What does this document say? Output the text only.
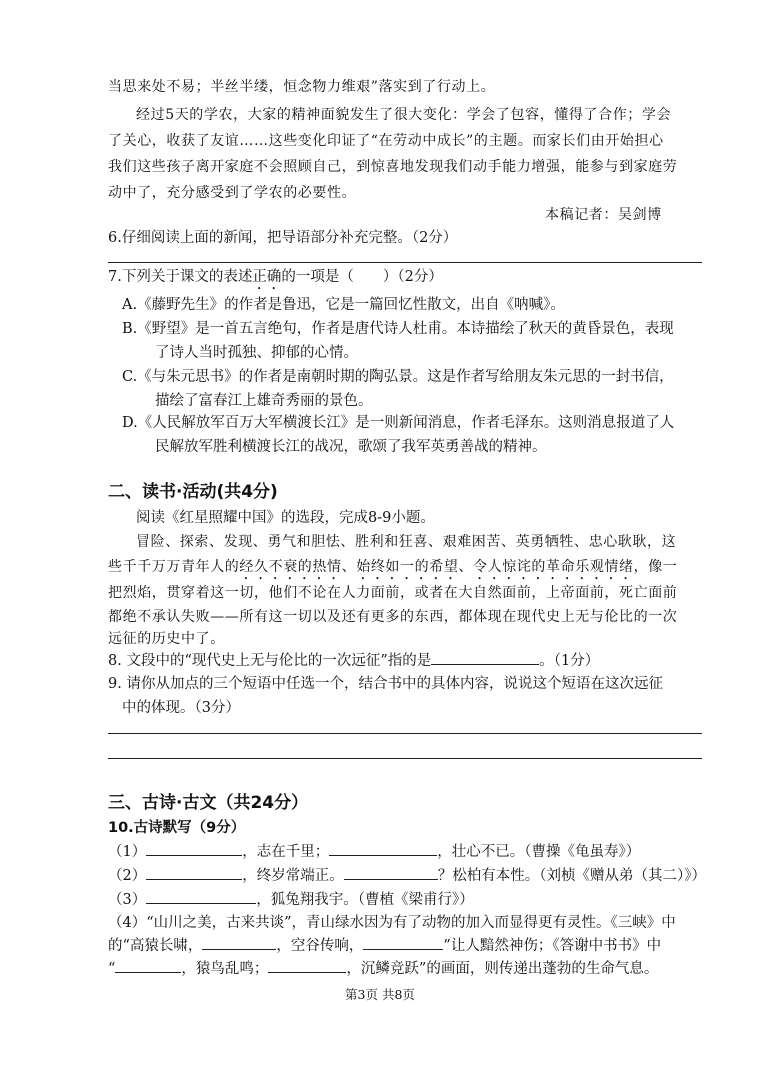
当思来处不易；半丝半缕，恒念物力维艰”落实到了行动上。
经过5天的学农，大家的精神面貌发生了很大变化：学会了包容，懂得了合作；学会
了关心，收获了友谊……这些变化印证了“在劳动中成长”的主题。而家长们由开始担心
我们这些孩子离开家庭不会照顾自己，到惊喜地发现我们动手能力增强，能参与到家庭劳
动中了，充分感受到了学农的必要性。
本稿记者：吴剑博
6.仔细阅读上面的新闻，把导语部分补充完整。（2分）
7.下列关于课文的表述正确的一项是（　　）（2分）
A.《藤野先生》的作者是鲁迅，它是一篇回忆性散文，出自《呐喊》。
B.《野望》是一首五言绝句，作者是唐代诗人杜甫。本诗描绘了秋天的黄昏景色，表现
了诗人当时孤独、抑郁的心情。
C.《与朱元思书》的作者是南朝时期的陶弘景。这是作者写给朋友朱元思的一封书信，
描绘了富春江上雄奇秀丽的景色。
D.《人民解放军百万大军横渡长江》是一则新闻消息，作者毛泽东。这则消息报道了人
民解放军胜利横渡长江的战况，歌颂了我军英勇善战的精神。
二、读书·活动(共4分)
阅读《红星照耀中国》的选段，完成8-9小题。
冒险、探索、发现、勇气和胆怯、胜利和狂喜、艰难困苦、英勇牺牲、忠心耿耿，这
些千千万万青年人的经久不衰的热情、始终如一的希望、令人惊诧的革命乐观情绪，像一
把烈焰，贯穿着这一切，他们不论在人力面前，或者在大自然面前，上帝面前，死亡面前
都绝不承认失败——所有这一切以及还有更多的东西，都体现在现代史上无与伦比的一次
远征的历史中了。
8. 文段中的“现代史上无与伦比的一次远征”指的是	。（1分）
9. 请你从加点的三个短语中任选一个，结合书中的具体内容，说说这个短语在这次远征
中的体现。（3分）
三、古诗·古文（共24分）
10.古诗默写（9分）
（1）	，志在千里；	，壮心不已。（曹操《龟虽寿》）
（2）	，终岁常端正。	？松柏有本性。（刘桢《赠从弟（其二）》）
（3）	，狐兔翔我宇。（曹植《梁甫行》）
（4）“山川之美，古来共谈”，青山绿水因为有了动物的加入而显得更有灵性。《三峡》中
的“高猿长啸，	，空谷传响，	”让人黯然神伤；《答谢中书书》中
“	，猿鸟乱鸣；	，沉鳞竞跃”的画面，则传递出蓬勃的生命气息。
第3页 共8页
